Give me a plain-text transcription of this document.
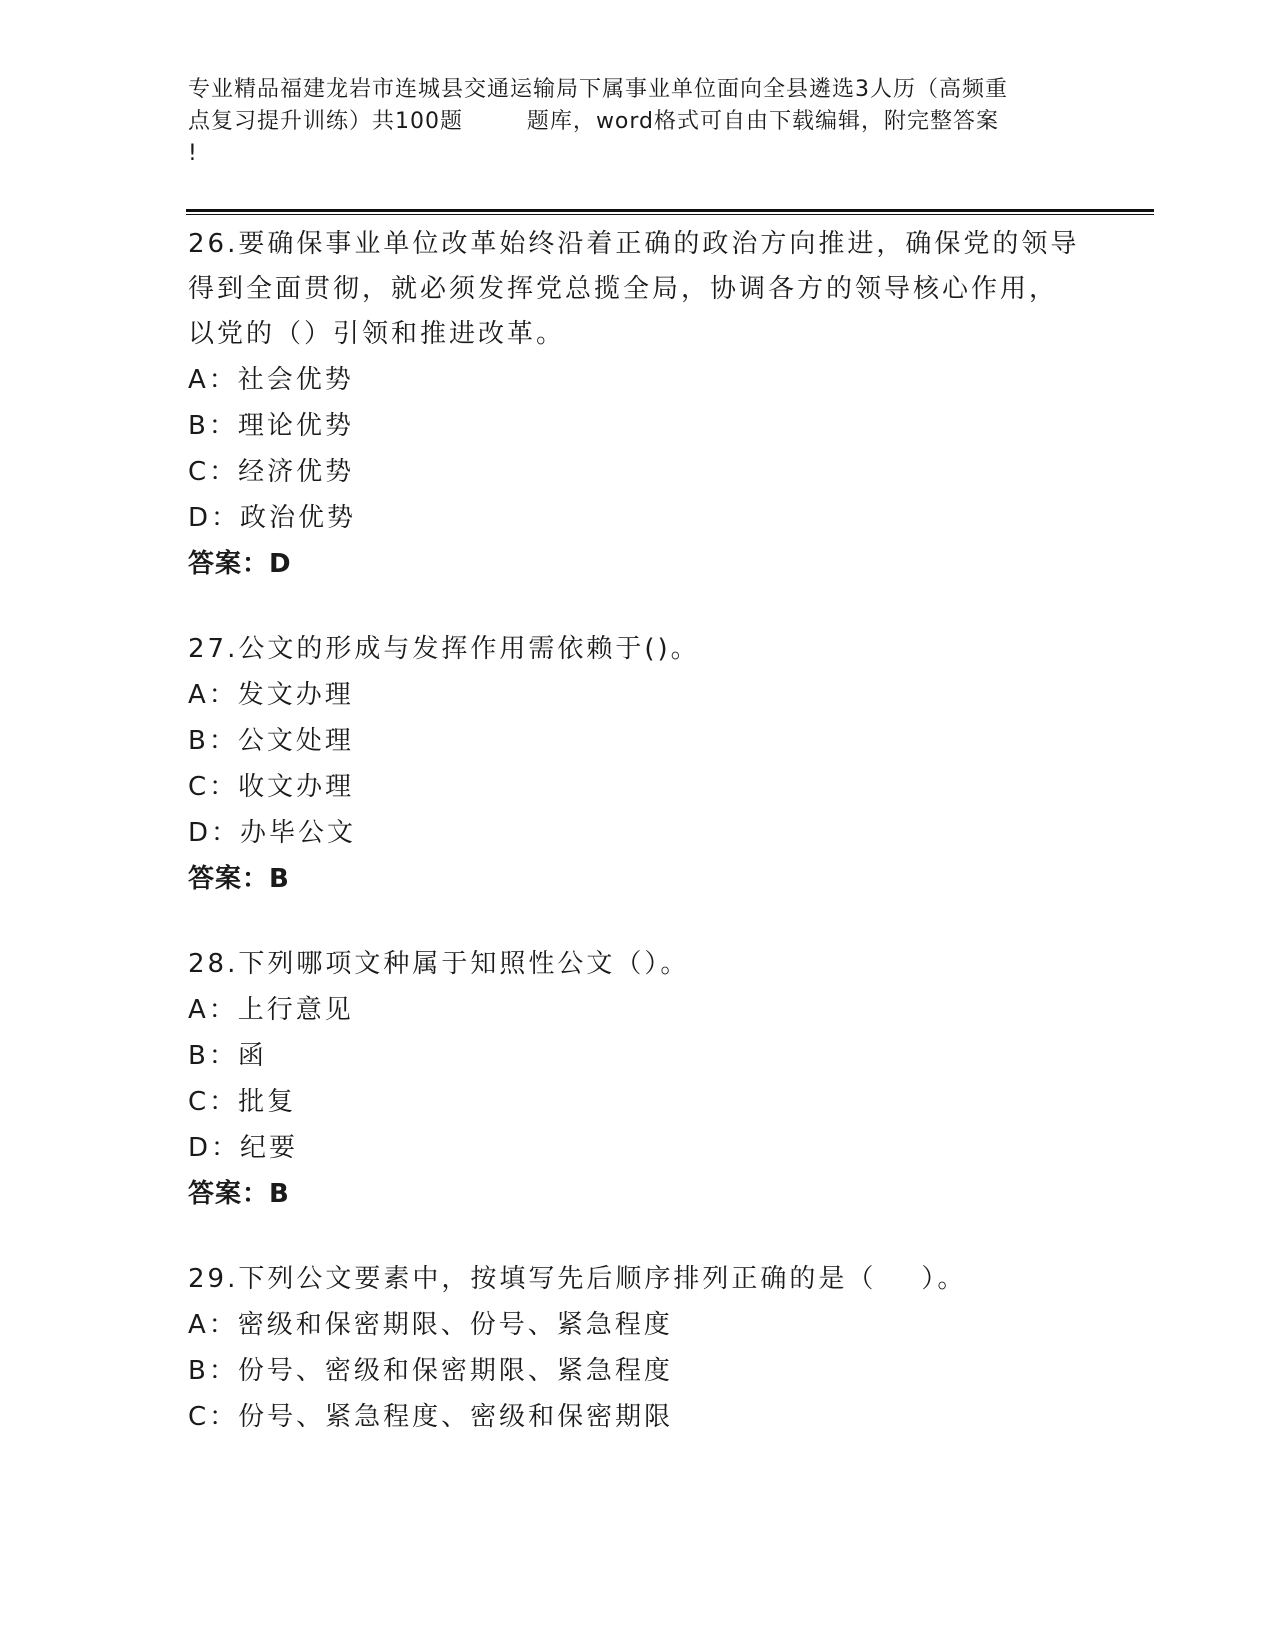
专业精品福建龙岩市连城县交通运输局下属事业单位面向全县遴选3人历（高频重
点复习提升训练）共100题        题库，word格式可自由下载编辑，附完整答案
!
26.要确保事业单位改革始终沿着正确的政治方向推进，确保党的领导
得到全面贯彻，就必须发挥党总揽全局，协调各方的领导核心作用，
以党的（）引领和推进改革。

A：社会优势

B：理论优势

C：经济优势

D：政治优势

答案：D

27.公文的形成与发挥作用需依赖于()。

A：发文办理

B：公文处理

C：收文办理

D：办毕公文

答案：B

28.下列哪项文种属于知照性公文（）。

A：上行意见

B：函

C：批复

D：纪要

答案：B

29.下列公文要素中，按填写先后顺序排列正确的是（    ）。

A：密级和保密期限、份号、紧急程度

B：份号、密级和保密期限、紧急程度

C：份号、紧急程度、密级和保密期限
